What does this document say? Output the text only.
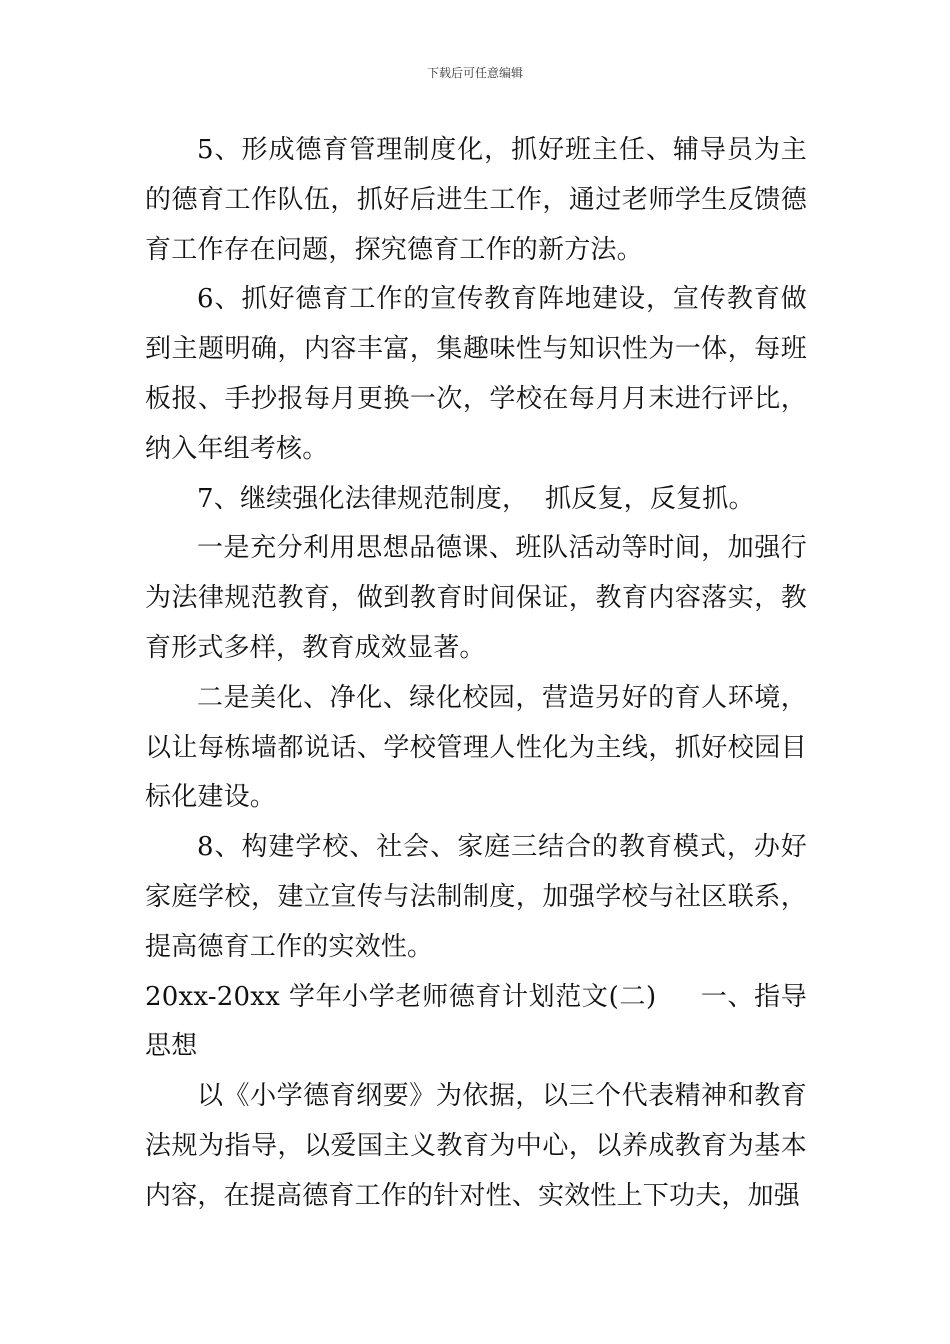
下载后可任意编辑

5、形成德育管理制度化，抓好班主任、辅导员为主的德育工作队伍，抓好后进生工作，通过老师学生反馈德育工作存在问题，探究德育工作的新方法。

6、抓好德育工作的宣传教育阵地建设，宣传教育做到主题明确，内容丰富，集趣味性与知识性为一体，每班板报、手抄报每月更换一次，学校在每月月末进行评比，纳入年组考核。

7、继续强化法律规范制度，  抓反复，反复抓。

一是充分利用思想品德课、班队活动等时间，加强行为法律规范教育，做到教育时间保证，教育内容落实，教育形式多样，教育成效显著。

二是美化、净化、绿化校园，营造另好的育人环境，以让每栋墙都说话、学校管理人性化为主线，抓好校园目标化建设。

8、构建学校、社会、家庭三结合的教育模式，办好家庭学校，建立宣传与法制制度，加强学校与社区联系，提高德育工作的实效性。

20xx-20xx 学年小学老师德育计划范文(二)     一、指导思想

以《小学德育纲要》为依据，以三个代表精神和教育法规为指导，以爱国主义教育为中心，以养成教育为基本内容，在提高德育工作的针对性、实效性上下功夫，加强
